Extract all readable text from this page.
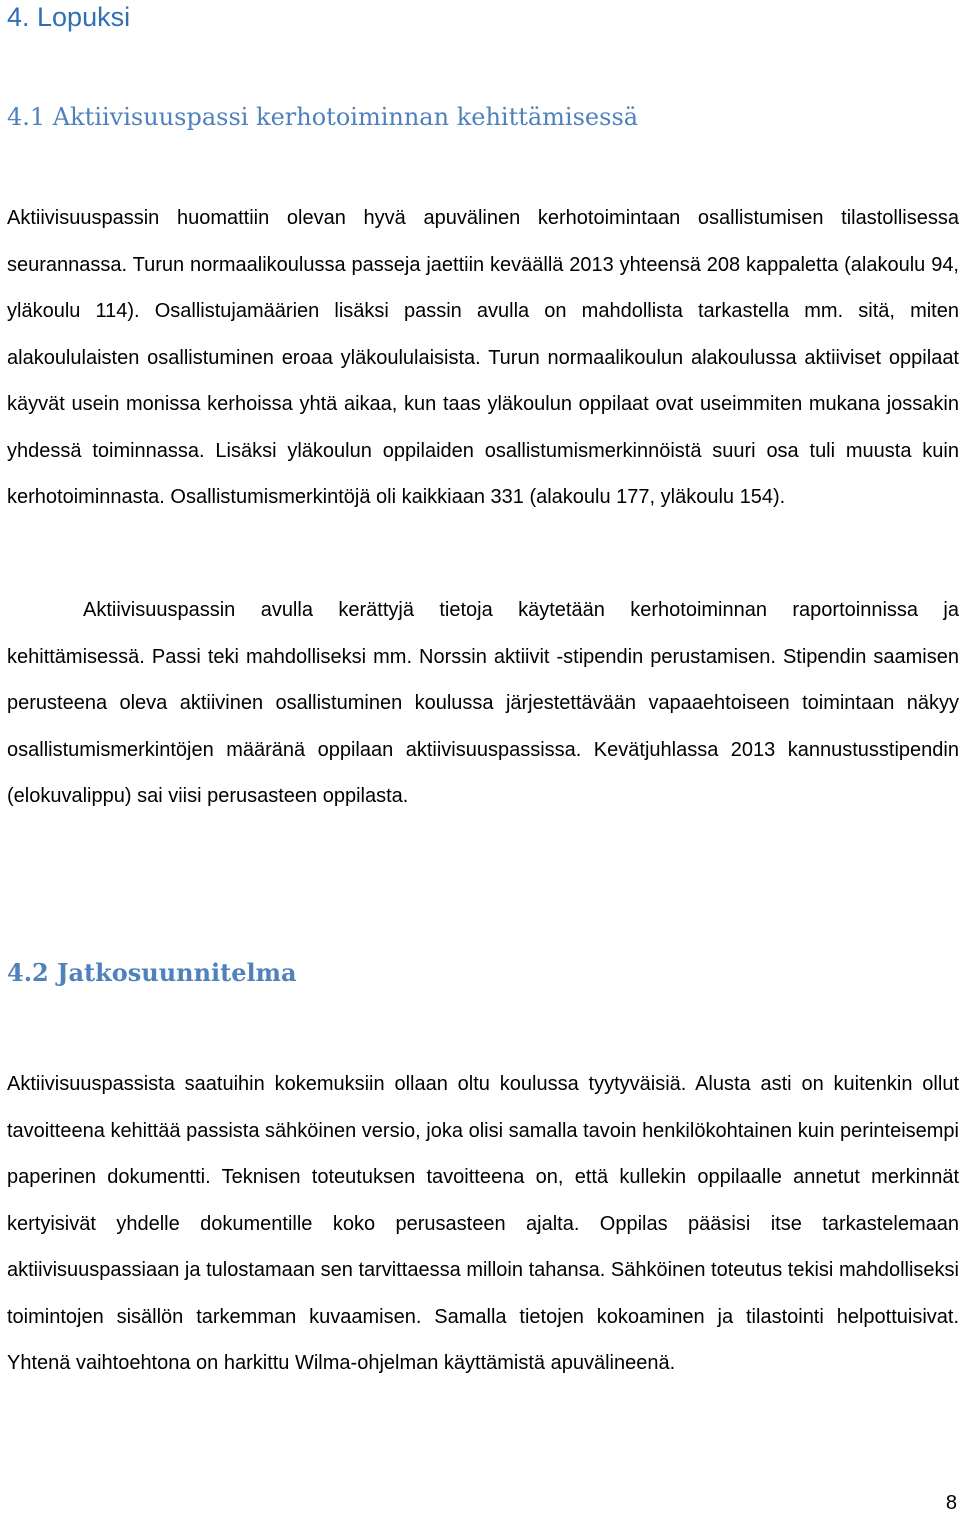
4. Lopuksi
4.1 Aktiivisuuspassi kerhotoiminnan kehittämisessä

Aktiivisuuspassin huomattiin olevan hyvä apuvälinen kerhotoimintaan osallistumisen tilastollisessa seurannassa. Turun normaalikoulussa passeja jaettiin keväällä 2013 yhteensä 208 kappaletta (alakoulu 94, yläkoulu 114). Osallistujamäärien lisäksi passin avulla on mahdollista tarkastella mm. sitä, miten alakoululaisten osallistuminen eroaa yläkoululaisista. Turun normaalikoulun alakoulussa aktiiviset oppilaat käyvät usein monissa kerhoissa yhtä aikaa, kun taas yläkoulun oppilaat ovat useimmiten mukana jossakin yhdessä toiminnassa. Lisäksi yläkoulun oppilaiden osallistumismerkinnöistä suuri osa tuli muusta kuin kerhotoiminnasta. Osallistumismerkintöjä oli kaikkiaan 331 (alakoulu 177, yläkoulu 154).

Aktiivisuuspassin avulla kerättyjä tietoja käytetään kerhotoiminnan raportoinnissa ja kehittämisessä. Passi teki mahdolliseksi mm. Norssin aktiivit -stipendin perustamisen. Stipendin saamisen perusteena oleva aktiivinen osallistuminen koulussa järjestettävään vapaaehtoiseen toimintaan näkyy osallistumismerkintöjen määränä oppilaan aktiivisuuspassissa. Kevätjuhlassa 2013 kannustusstipendin (elokuvalippu) sai viisi perusasteen oppilasta.

4.2 Jatkosuunnitelma

Aktiivisuuspassista saatuihin kokemuksiin ollaan oltu koulussa tyytyväisiä. Alusta asti on kuitenkin ollut tavoitteena kehittää passista sähköinen versio, joka olisi samalla tavoin henkilökohtainen kuin perinteisempi paperinen dokumentti. Teknisen toteutuksen tavoitteena on, että kullekin oppilaalle annetut merkinnät kertyisivät yhdelle dokumentille koko perusasteen ajalta. Oppilas pääsisi itse tarkastelemaan aktiivisuuspassiaan ja tulostamaan sen tarvittaessa milloin tahansa. Sähköinen toteutus tekisi mahdolliseksi toimintojen sisällön tarkemman kuvaamisen. Samalla tietojen kokoaminen ja tilastointi helpottuisivat. Yhtenä vaihtoehtona on harkittu Wilma-ohjelman käyttämistä apuvälineenä.

8
